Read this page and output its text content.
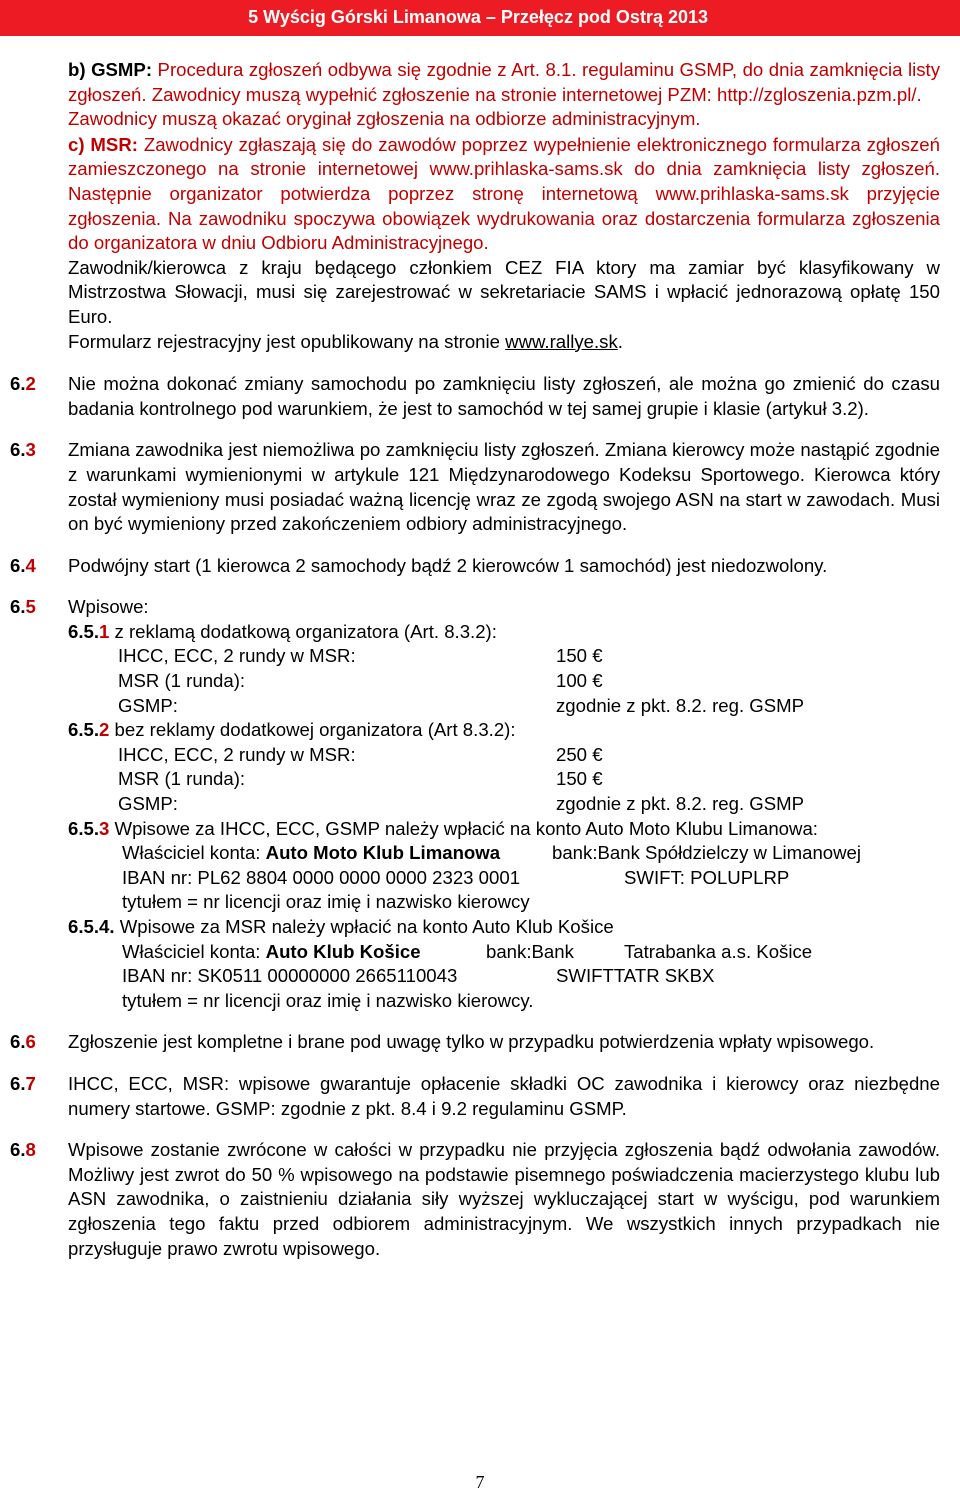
5 Wyścig Górski Limanowa – Przełęcz pod Ostrą 2013

b) GSMP: Procedura zgłoszeń odbywa się zgodnie z Art. 8.1. regulaminu GSMP, do dnia zamknięcia listy zgłoszeń. Zawodnicy muszą wypełnić zgłoszenie na stronie internetowej PZM: http://zgloszenia.pzm.pl/.

Zawodnicy muszą okazać oryginał zgłoszenia na odbiorze administracyjnym.

c) MSR: Zawodnicy zgłaszają się do zawodów poprzez wypełnienie elektronicznego formularza zgłoszeń zamieszczonego na stronie internetowej www.prihlaska-sams.sk do dnia zamknięcia listy zgłoszeń. Następnie organizator potwierdza poprzez stronę internetową www.prihlaska-sams.sk przyjęcie zgłoszenia. Na zawodniku spoczywa obowiązek wydrukowania oraz dostarczenia formularza zgłoszenia do organizatora w dniu Odbioru Administracyjnego.

Zawodnik/kierowca z kraju będącego członkiem CEZ FIA ktory ma zamiar być klasyfikowany w Mistrzostwa Słowacji, musi się zarejestrować w sekretariacie SAMS i wpłacić jednorazową opłatę 150 Euro.

Formularz rejestracyjny jest opublikowany na stronie www.rallye.sk.

6.2 Nie można dokonać zmiany samochodu po zamknięciu listy zgłoszeń, ale można go zmienić do czasu badania kontrolnego pod warunkiem, że jest to samochód w tej samej grupie i klasie (artykuł 3.2).

6.3 Zmiana zawodnika jest niemożliwa po zamknięciu listy zgłoszeń. Zmiana kierowcy może nastąpić zgodnie z warunkami wymienionymi w artykule 121 Międzynarodowego Kodeksu Sportowego. Kierowca który został wymieniony musi posiadać ważną licencję wraz ze zgodą swojego ASN na start w zawodach. Musi on być wymieniony przed zakończeniem odbiory administracyjnego.

6.4 Podwójny start (1 kierowca 2 samochody bądź 2 kierowców 1 samochód) jest niedozwolony.

6.5 Wpisowe:
6.5.1 z reklamą dodatkową organizatora (Art. 8.3.2):
IHCC, ECC, 2 rundy w MSR:	150 €
MSR (1 runda):	100 €
GSMP:	zgodnie z pkt. 8.2. reg. GSMP
6.5.2 bez reklamy dodatkowej organizatora (Art 8.3.2):
IHCC, ECC, 2 rundy w MSR:	250 €
MSR (1 runda):	150 €
GSMP:	zgodnie z pkt. 8.2. reg. GSMP
6.5.3 Wpisowe za IHCC, ECC, GSMP należy wpłacić na konto Auto Moto Klubu Limanowa:
Właściciel konta: Auto Moto Klub Limanowa	bank:Bank Spółdzielczy w Limanowej
IBAN nr: PL62 8804 0000 0000 0000 2323 0001	SWIFT: POLUPLRP
tytułem = nr licencji oraz imię i nazwisko kierowcy
6.5.4. Wpisowe za MSR należy wpłacić na konto Auto Klub Košice
Właściciel konta: Auto Klub Košice	bank:Bank	Tatrabanka a.s. Košice
IBAN nr: SK0511 00000000 2665110043	SWIFTTATR SKBX
tytułem = nr licencji oraz imię i nazwisko kierowcy.
6.6 Zgłoszenie jest kompletne i brane pod uwagę tylko w przypadku potwierdzenia wpłaty wpisowego.

6.7 IHCC, ECC, MSR: wpisowe gwarantuje opłacenie składki OC zawodnika i kierowcy oraz niezbędne numery startowe. GSMP: zgodnie z pkt. 8.4 i 9.2 regulaminu GSMP.

6.8 Wpisowe zostanie zwrócone w całości w przypadku nie przyjęcia zgłoszenia bądź odwołania zawodów. Możliwy jest zwrot do 50 % wpisowego na podstawie pisemnego poświadczenia macierzystego klubu lub ASN zawodnika, o zaistnieniu działania siły wyższej wykluczającej start w wyścigu, pod warunkiem zgłoszenia tego faktu przed odbiorem administracyjnym. We wszystkich innych przypadkach nie przysługuje prawo zwrotu wpisowego.

7
